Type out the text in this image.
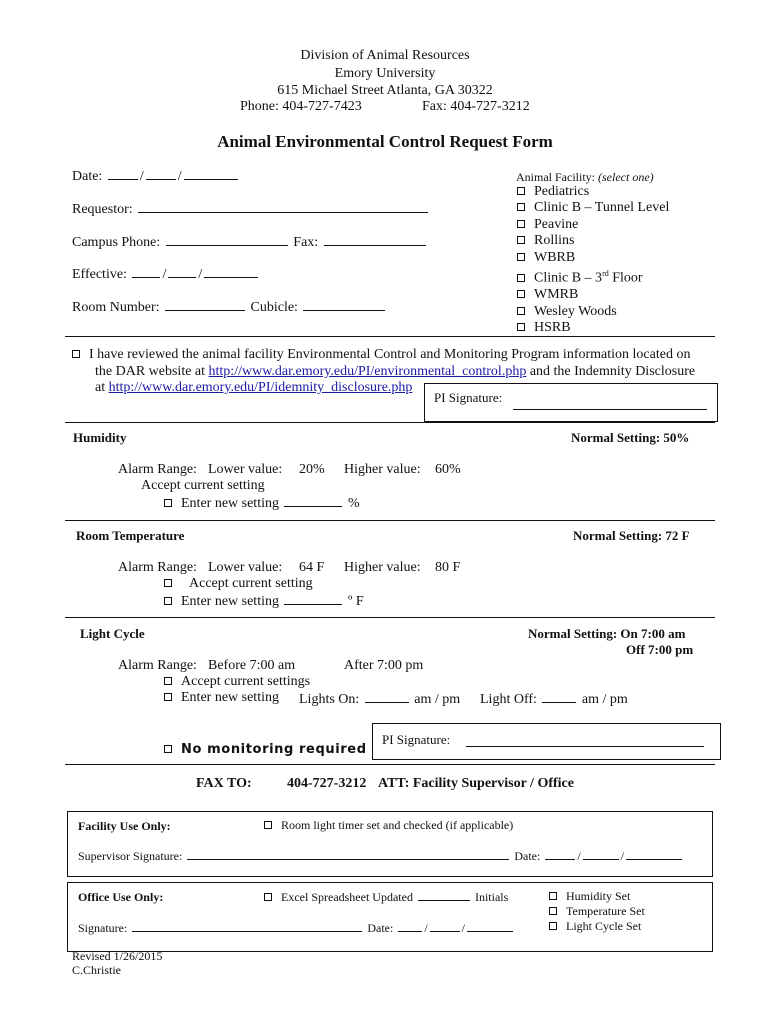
Division of Animal Resources
Emory University
615 Michael Street Atlanta, GA 30322
Phone: 404-727-7423	Fax: 404-727-3212
Animal Environmental Control Request Form
Date:	/ /
Requestor:
Campus Phone:	Fax:
Effective:	/ /
Room Number:	Cubicle:
Animal Facility: (select one)
Pediatrics
Clinic B – Tunnel Level
Peavine
Rollins
WBRB
Clinic B – 3rd Floor
WMRB
Wesley Woods
HSRB
I have reviewed the animal facility Environmental Control and Monitoring Program information located on
the DAR website at http://www.dar.emory.edu/PI/environmental_control.php and the Indemnity Disclosure
at http://www.dar.emory.edu/PI/idemnity_disclosure.php
PI Signature:
Humidity	Normal Setting: 50%
Alarm Range: Lower value: 20% Higher value: 60%
Accept current setting
Enter new setting	%
Room Temperature	Normal Setting: 72 F
Alarm Range: Lower value: 64 F Higher value: 80 F
Accept current setting
Enter new setting	º F
Light Cycle	Normal Setting: On 7:00 am
Off 7:00 pm
Alarm Range: Before 7:00 am	After 7:00 pm
Accept current settings
Enter new setting Lights On:	am / pm Light Off:	am / pm
PI Signature:
No monitoring required
FAX TO:	404-727-3212 ATT: Facility Supervisor / Office
Facility Use Only:	Room light timer set and checked (if applicable)
Supervisor Signature:	Date:	/	/
Office Use Only:	Excel Spreadsheet Updated	Initials	Humidity Set
Temperature Set
Light Cycle Set
Signature:	Date:	/	/
Revised 1/26/2015
C.Christie
